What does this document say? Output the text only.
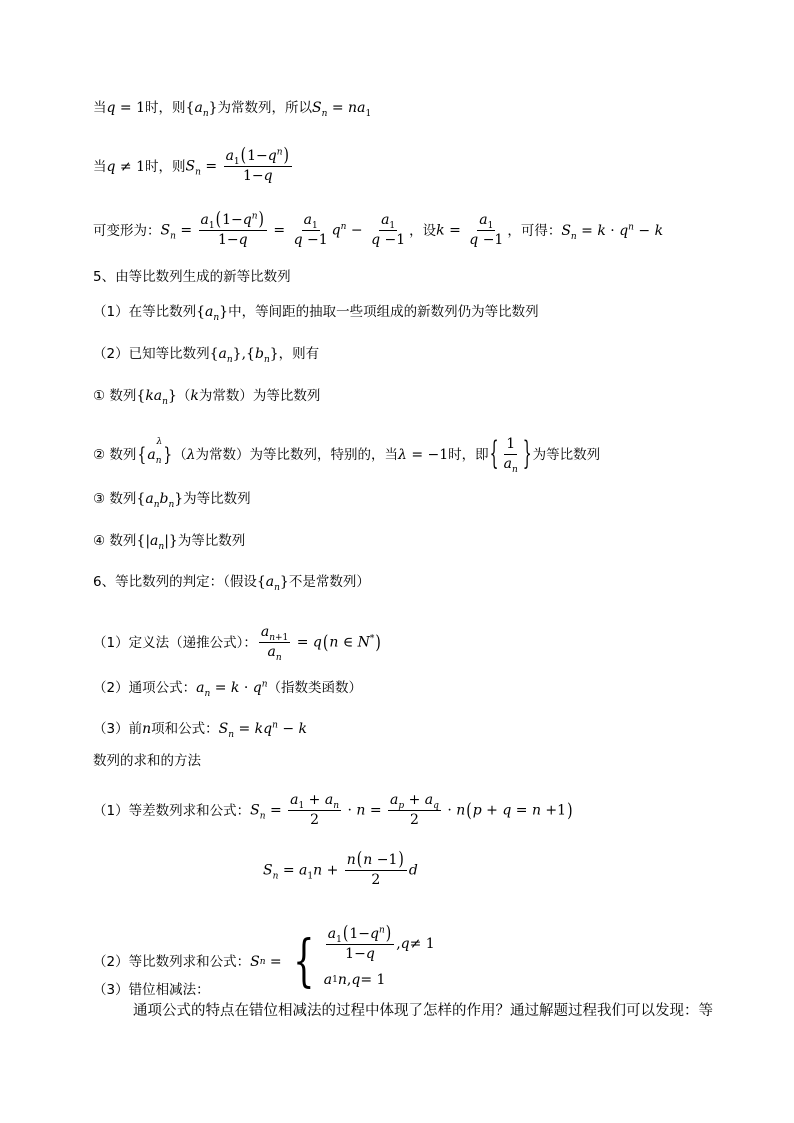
当 q = 1 时，则 $\{a_n\}$ 为常数列，所以 $S_n = na_1$
当 q ≠ 1 时，则 $S_n = \frac{a_1(1-q^n)}{1-q}$
可变形为： $S_n = \frac{a_1(1-q^n)}{1-q} = \frac{a_1}{q -1} q^n - \frac{a_1}{q -1}$ ，设 $k = \frac{a_1}{q -1}$ ，可得： $S_n = k \cdot q^n - k$
5、由等比数列生成的新等比数列
（1）在等比数列 $\{a_n\}$ 中，等间距的抽取一些项组成的新数列仍为等比数列
（2）已知等比数列 $\{a_n\},\{b_n\}$ ，则有
① 数列 $\{ka_n\}$ （ k 为常数）为等比数列
② 数列 $\{a_n^\lambda\}$ （ λ 为常数）为等比数列，特别的，当 λ = −1 时，即 { $\frac{1}{a_n}$ } 为等比数列
③ 数列 $\{a_nb_n\}$ 为等比数列
④ 数列 $\{|a_n|\}$ 为等比数列
6、等比数列的判定：（假设 $\{a_n\}$ 不是常数列）
（1）定义法（递推公式）： $\frac{a_{n+1}}{a_n} = q(n$ ∈ N*)
（2）通项公式： $a_n = k \cdot q^n$ （指数类函数）
（3）前 n 项和公式： $S_n = kq^n - k$
数列的求和的方法
（1）等差数列求和公式： $S_n = \frac{a_1 + a_n}{2} \cdot n = \frac{a_p + a_q}{2} \cdot n(p + q = n +1)$
$S_n = a_1n + \frac{n(n -1)}{2}$ d
（2）等比数列求和公式： S n = { $\frac{a_1(1-q^n)}{1-q}$ , q ≠ 1
a 1 n , q = 1
（3）错位相减法：
通项公式的特点在错位相减法的过程中体现了怎样的作用？通过解题过程我们可以发现：等
